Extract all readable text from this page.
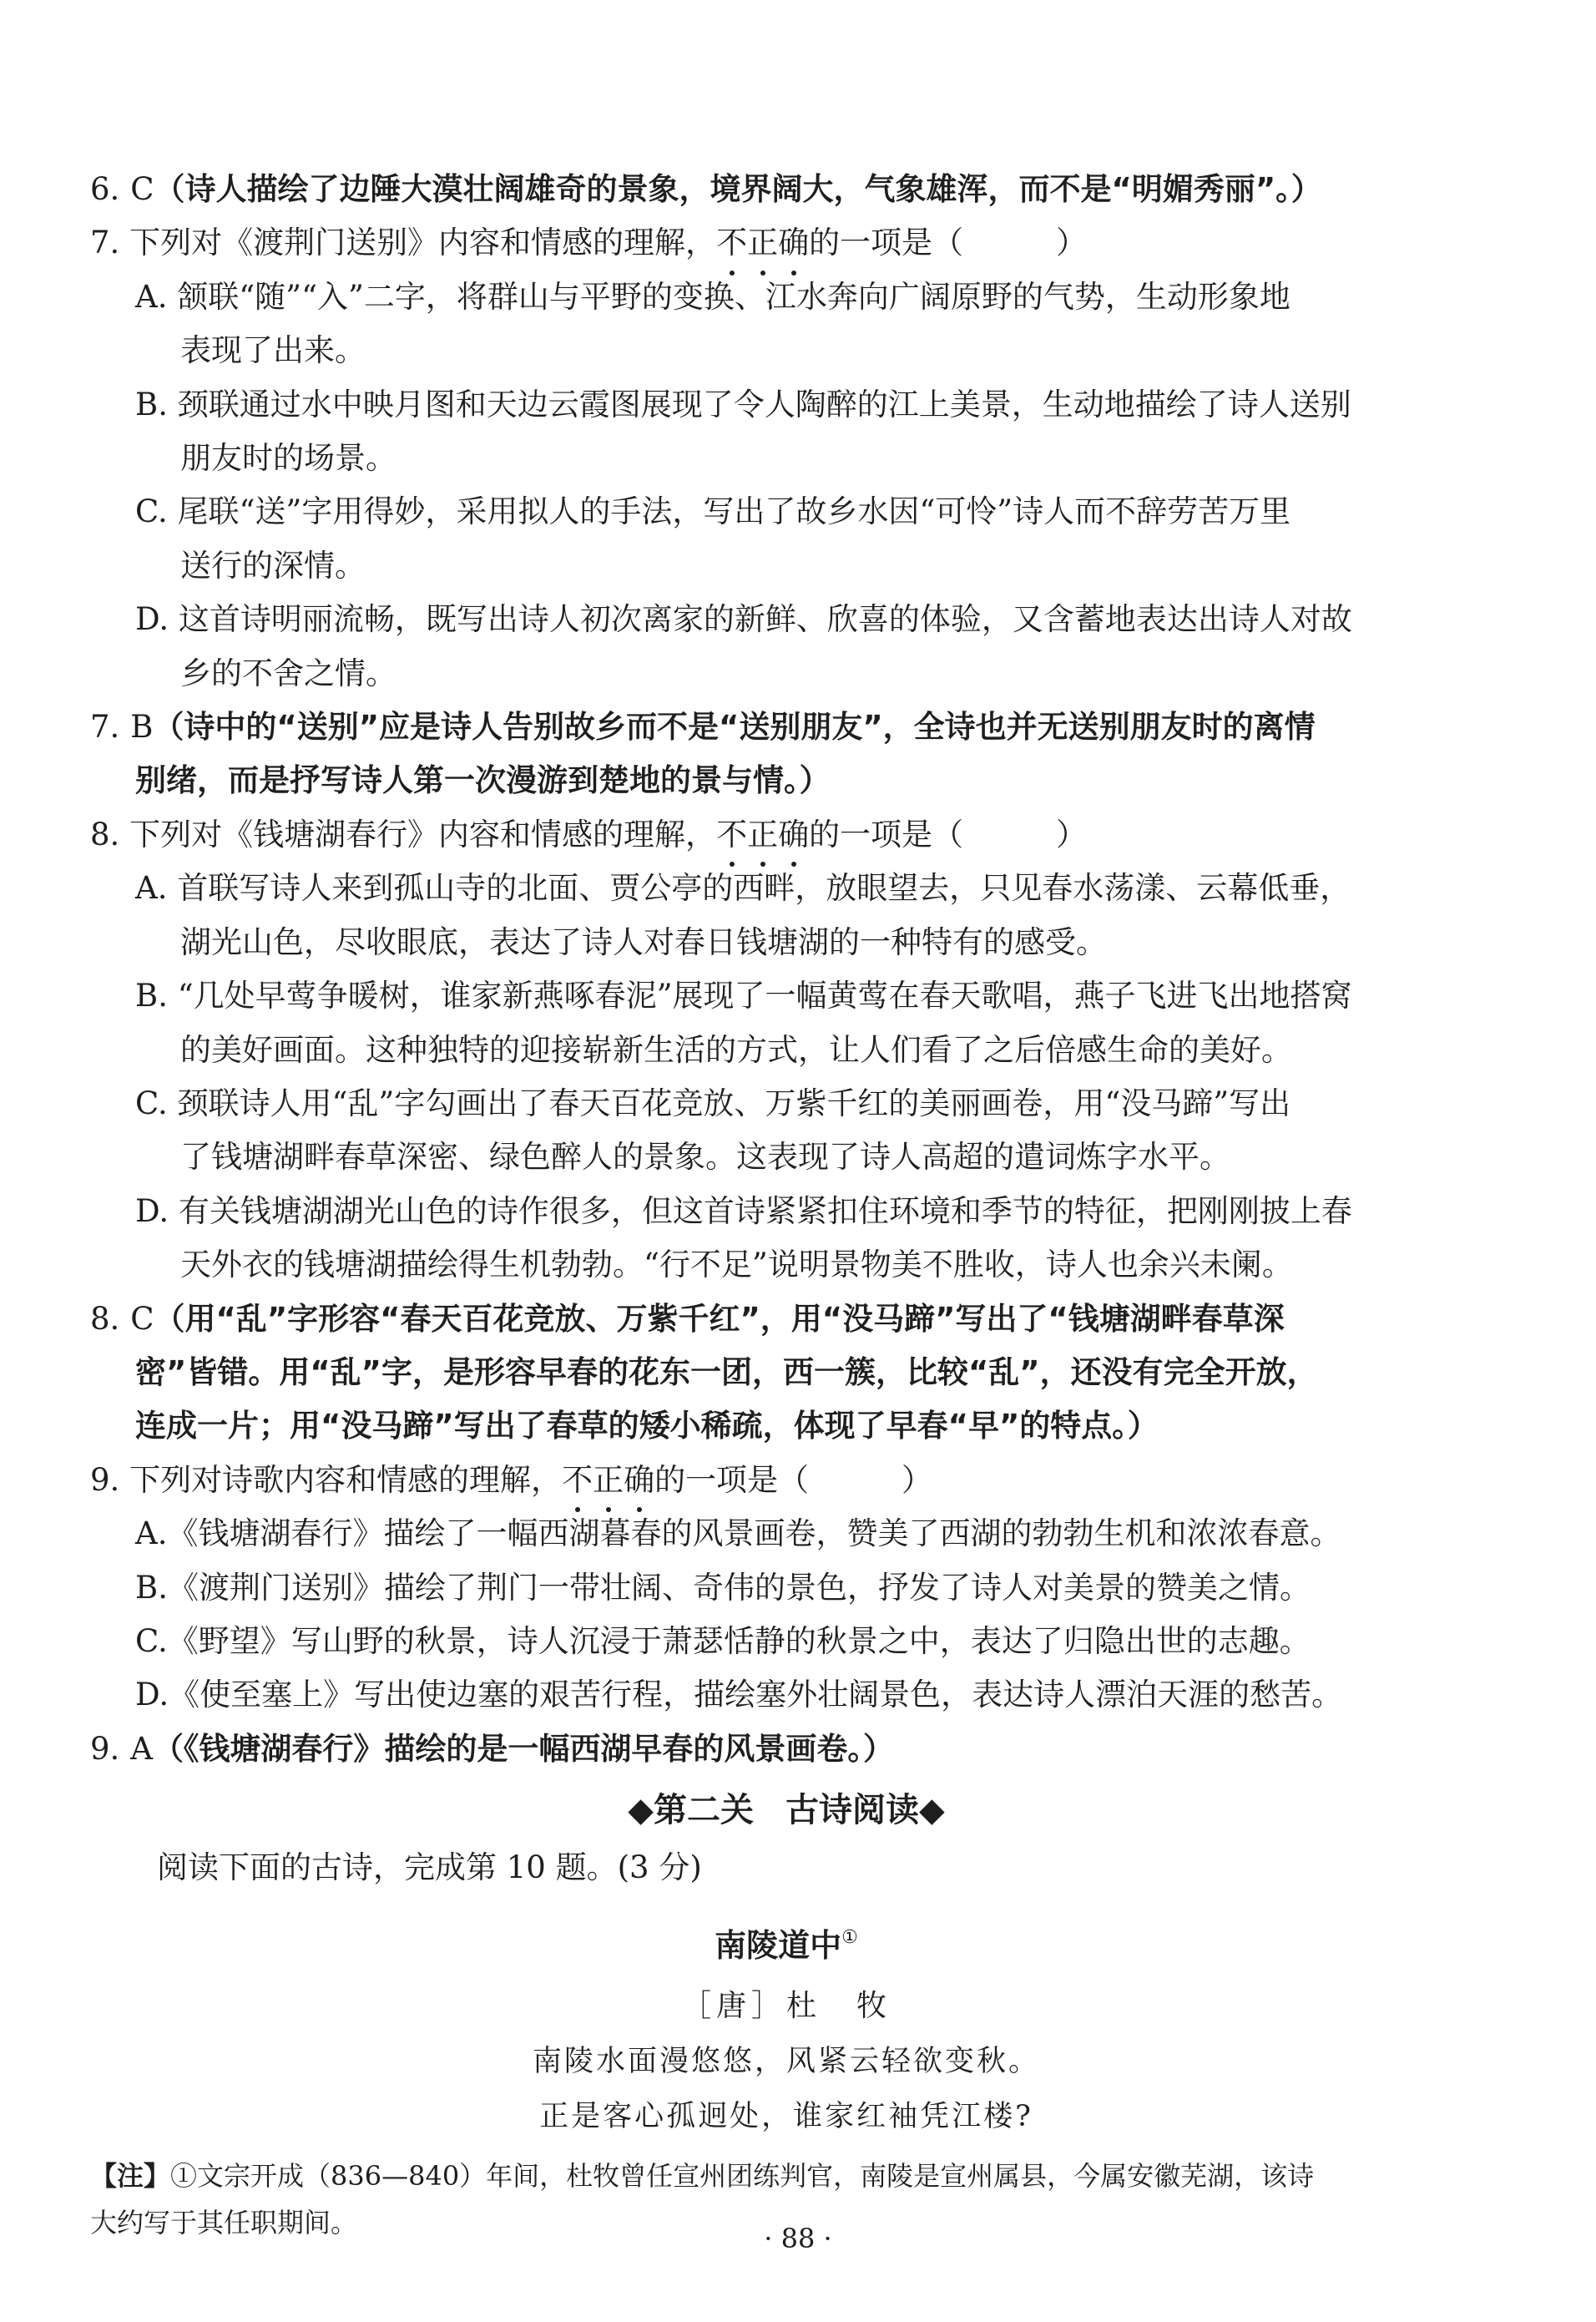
6. C（诗人描绘了边陲大漠壮阔雄奇的景象，境界阔大，气象雄浑，而不是“明媚秀丽”。）
7. 下列对《渡荆门送别》内容和情感的理解，不正确的一项是（　　　）
A. 颔联“随”“入”二字，将群山与平野的变换、江水奔向广阔原野的气势，生动形象地
表现了出来。
B. 颈联通过水中映月图和天边云霞图展现了令人陶醉的江上美景，生动地描绘了诗人送别
朋友时的场景。
C. 尾联“送”字用得妙，采用拟人的手法，写出了故乡水因“可怜”诗人而不辞劳苦万里
送行的深情。
D. 这首诗明丽流畅，既写出诗人初次离家的新鲜、欣喜的体验，又含蓄地表达出诗人对故
乡的不舍之情。
7. B（诗中的“送别”应是诗人告别故乡而不是“送别朋友”，全诗也并无送别朋友时的离情
别绪，而是抒写诗人第一次漫游到楚地的景与情。）
8. 下列对《钱塘湖春行》内容和情感的理解，不正确的一项是（　　　）
A. 首联写诗人来到孤山寺的北面、贾公亭的西畔，放眼望去，只见春水荡漾、云幕低垂，
湖光山色，尽收眼底，表达了诗人对春日钱塘湖的一种特有的感受。
B. “几处早莺争暖树，谁家新燕啄春泥”展现了一幅黄莺在春天歌唱，燕子飞进飞出地搭窝
的美好画面。这种独特的迎接崭新生活的方式，让人们看了之后倍感生命的美好。
C. 颈联诗人用“乱”字勾画出了春天百花竞放、万紫千红的美丽画卷，用“没马蹄”写出
了钱塘湖畔春草深密、绿色醉人的景象。这表现了诗人高超的遣词炼字水平。
D. 有关钱塘湖湖光山色的诗作很多，但这首诗紧紧扣住环境和季节的特征，把刚刚披上春
天外衣的钱塘湖描绘得生机勃勃。“行不足”说明景物美不胜收，诗人也余兴未阑。
8. C（用“乱”字形容“春天百花竞放、万紫千红”，用“没马蹄”写出了“钱塘湖畔春草深
密”皆错。用“乱”字，是形容早春的花东一团，西一簇，比较“乱”，还没有完全开放，
连成一片；用“没马蹄”写出了春草的矮小稀疏，体现了早春“早”的特点。）
9. 下列对诗歌内容和情感的理解，不正确的一项是（　　　）
A.《钱塘湖春行》描绘了一幅西湖暮春的风景画卷，赞美了西湖的勃勃生机和浓浓春意。
B.《渡荆门送别》描绘了荆门一带壮阔、奇伟的景色，抒发了诗人对美景的赞美之情。
C.《野望》写山野的秋景，诗人沉浸于萧瑟恬静的秋景之中，表达了归隐出世的志趣。
D.《使至塞上》写出使边塞的艰苦行程，描绘塞外壮阔景色，表达诗人漂泊天涯的愁苦。
9. A（《钱塘湖春行》描绘的是一幅西湖早春的风景画卷。）
◆第二关 古诗阅读◆
阅读下面的古诗，完成第 10 题。(3 分)
南陵道中①
［唐］杜　牧
南陵水面漫悠悠，风紧云轻欲变秋。
正是客心孤迥处，谁家红袖凭江楼?
【注】①文宗开成（836—840）年间，杜牧曾任宣州团练判官，南陵是宣州属县，今属安徽芜湖，该诗
大约写于其任职期间。	· 88 ·
